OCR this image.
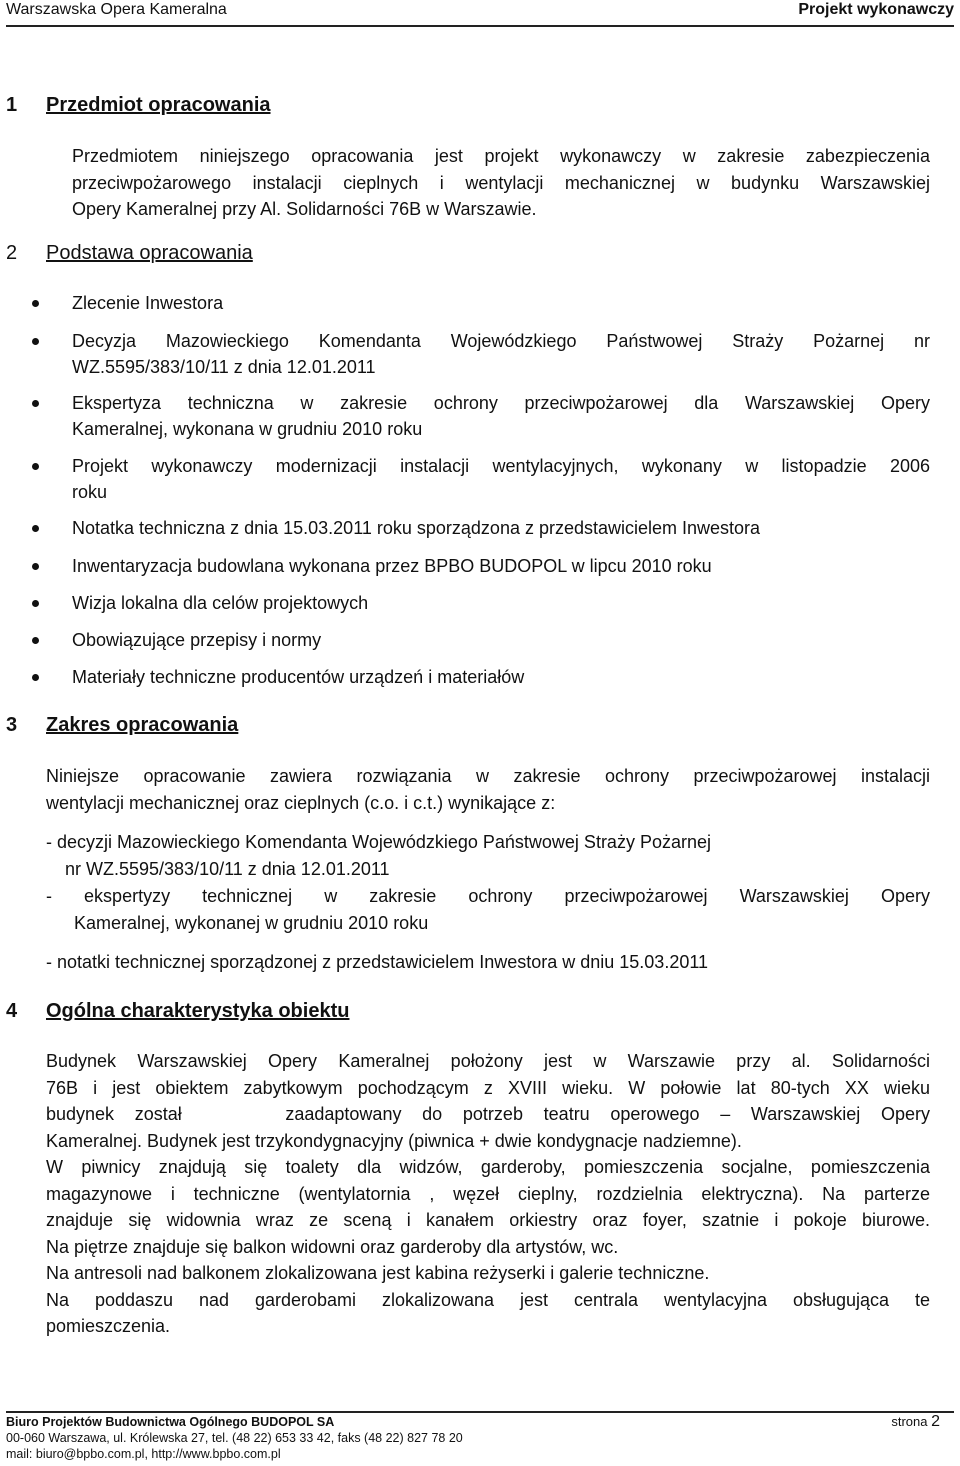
Warszawska Opera Kameralna	Projekt wykonawczy
1 Przedmiot opracowania
Przedmiotem niniejszego opracowania jest projekt wykonawczy w zakresie zabezpieczenia
przeciwpożarowego instalacji cieplnych i wentylacji mechanicznej w budynku Warszawskiej
Opery Kameralnej przy Al. Solidarności 76B w Warszawie.
2 Podstawa opracowania
Zlecenie Inwestora
Decyzja Mazowieckiego Komendanta Wojewódzkiego Państwowej Straży Pożarnej nr
WZ.5595/383/10/11 z dnia 12.01.2011
Ekspertyza techniczna w zakresie ochrony przeciwpożarowej dla Warszawskiej Opery
Kameralnej, wykonana w grudniu 2010 roku
Projekt wykonawczy modernizacji instalacji wentylacyjnych, wykonany w listopadzie 2006
roku
Notatka techniczna z dnia 15.03.2011 roku sporządzona z przedstawicielem Inwestora
Inwentaryzacja budowlana wykonana przez BPBO BUDOPOL w lipcu 2010 roku
Wizja lokalna dla celów projektowych
Obowiązujące przepisy i normy
Materiały techniczne producentów urządzeń i materiałów
3 Zakres opracowania
Niniejsze opracowanie zawiera rozwiązania w zakresie ochrony przeciwpożarowej instalacji
wentylacji mechanicznej oraz cieplnych (c.o. i c.t.) wynikające z:
- decyzji Mazowieckiego Komendanta Wojewódzkiego Państwowej Straży Pożarnej
nr WZ.5595/383/10/11 z dnia 12.01.2011
- ekspertyzy technicznej w zakresie ochrony przeciwpożarowej Warszawskiej Opery
Kameralnej, wykonanej w grudniu 2010 roku
- notatki technicznej sporządzonej z przedstawicielem Inwestora w dniu 15.03.2011
4 Ogólna charakterystyka obiektu
Budynek Warszawskiej Opery Kameralnej położony jest w Warszawie przy al. Solidarności
76B i jest obiektem zabytkowym pochodzącym z XVIII wieku. W połowie lat 80-tych XX wieku
budynek został     zaadaptowany do potrzeb teatru operowego – Warszawskiej Opery
Kameralnej. Budynek jest trzykondygnacyjny (piwnica + dwie kondygnacje nadziemne).
W piwnicy znajdują się toalety dla widzów, garderoby, pomieszczenia socjalne, pomieszczenia
magazynowe i techniczne (wentylatornia , węzeł cieplny, rozdzielnia elektryczna). Na parterze
znajduje się widownia wraz ze sceną i kanałem orkiestry oraz foyer, szatnie i pokoje biurowe.
Na piętrze znajduje się balkon widowni oraz garderoby dla artystów, wc.
Na antresoli nad balkonem zlokalizowana jest kabina reżyserki i galerie techniczne.
Na poddaszu nad garderobami zlokalizowana jest centrala wentylacyjna obsługująca te
pomieszczenia.
Biuro Projektów Budownictwa Ogólnego BUDOPOL SA
00-060 Warszawa, ul. Królewska 27, tel. (48 22) 653 33 42, faks (48 22) 827 78 20
mail: biuro@bpbo.com.pl, http://www.bpbo.com.pl
strona 2
